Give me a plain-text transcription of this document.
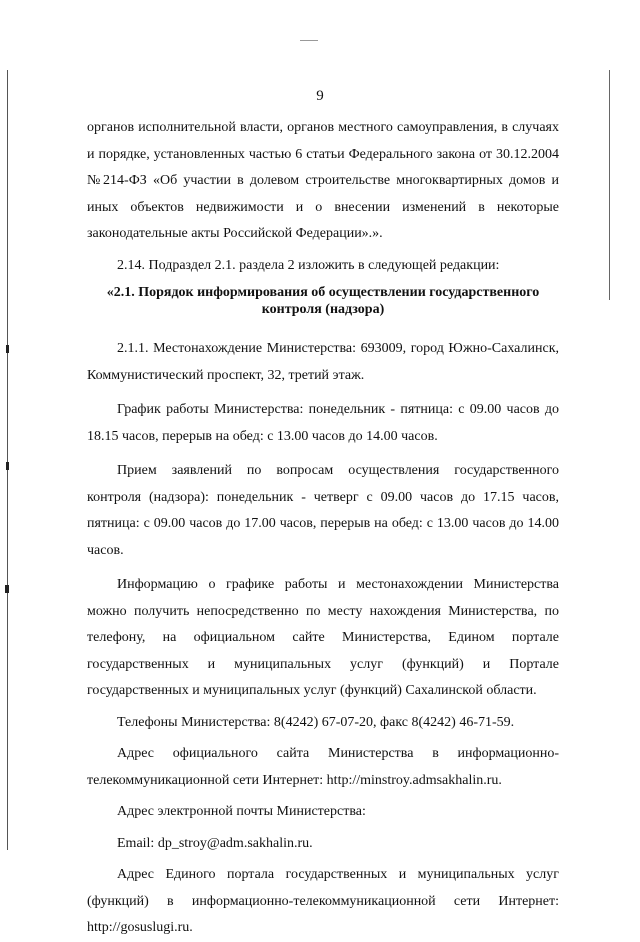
9

органов исполнительной власти, органов местного самоуправления, в случаях и порядке, установленных частью 6 статьи Федерального закона от 30.12.2004 №214-ФЗ «Об участии в долевом строительстве многоквартирных домов и иных объектов недвижимости и о внесении изменений в некоторые законодательные акты Российской Федерации».».

2.14. Подраздел 2.1. раздела 2 изложить в следующей редакции:

«2.1. Порядок информирования об осуществлении государственного контроля (надзора)

2.1.1. Местонахождение Министерства: 693009, город Южно-Сахалинск, Коммунистический проспект, 32, третий этаж.

График работы Министерства: понедельник - пятница: с 09.00 часов до 18.15 часов, перерыв на обед: с 13.00 часов до 14.00 часов.

Прием заявлений по вопросам осуществления государственного контроля (надзора): понедельник - четверг с 09.00 часов до 17.15 часов, пятница: с 09.00 часов до 17.00 часов, перерыв на обед: с 13.00 часов до 14.00 часов.

Информацию о графике работы и местонахождении Министерства можно получить непосредственно по месту нахождения Министерства, по телефону, на официальном сайте Министерства, Едином портале государственных и муниципальных услуг (функций) и Портале государственных и муниципальных услуг (функций) Сахалинской области.

Телефоны Министерства: 8(4242) 67-07-20, факс 8(4242) 46-71-59.

Адрес официального сайта Министерства в информационно-телекоммуникационной сети Интернет: http://minstroy.admsakhalin.ru.

Адрес электронной почты Министерства:

Email: dp_stroy@adm.sakhalin.ru.

Адрес Единого портала государственных и муниципальных услуг (функций) в информационно-телекоммуникационной сети Интернет: http://gosuslugi.ru.
